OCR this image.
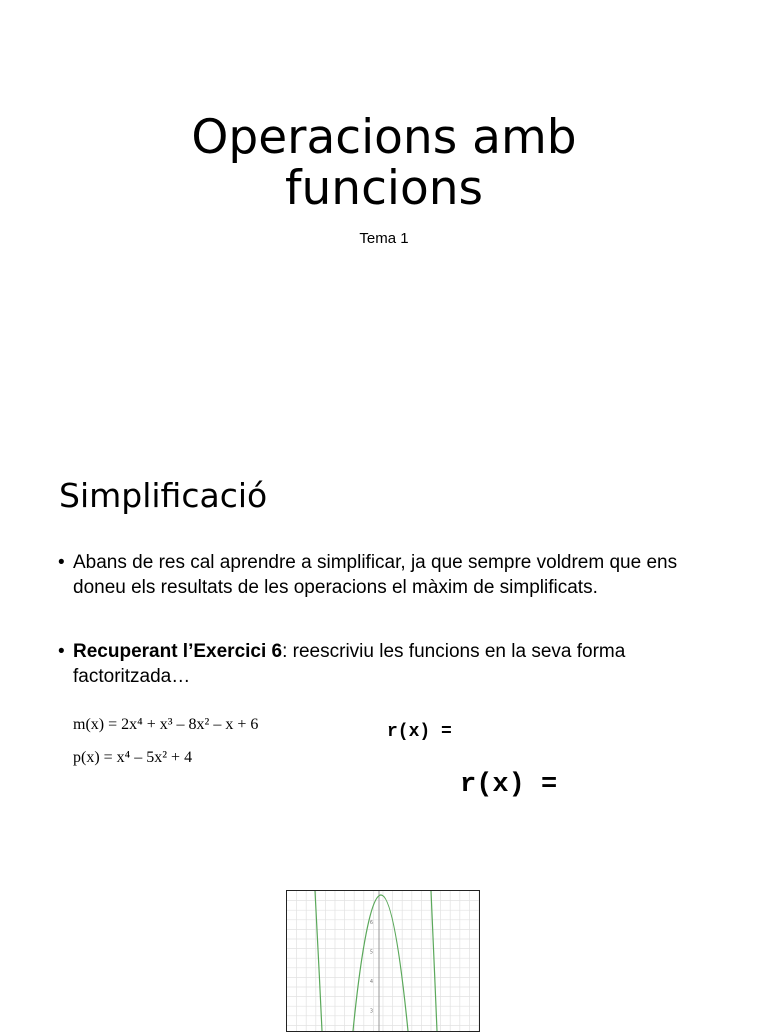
Operacions amb
funcions
Tema 1
Simplificació
• Abans de res cal aprendre a simplificar, ja que sempre voldrem que ens doneu els resultats de les operacions el màxim de simplificats.
• Recuperant l’Exercici 6: reescriviu les funcions en la seva forma factoritzada…
m(x) = 2x⁴ + x³ – 8x² – x + 6
p(x) = x⁴ – 5x² + 4
r(x) =
r(x) =
6
5
4
3
